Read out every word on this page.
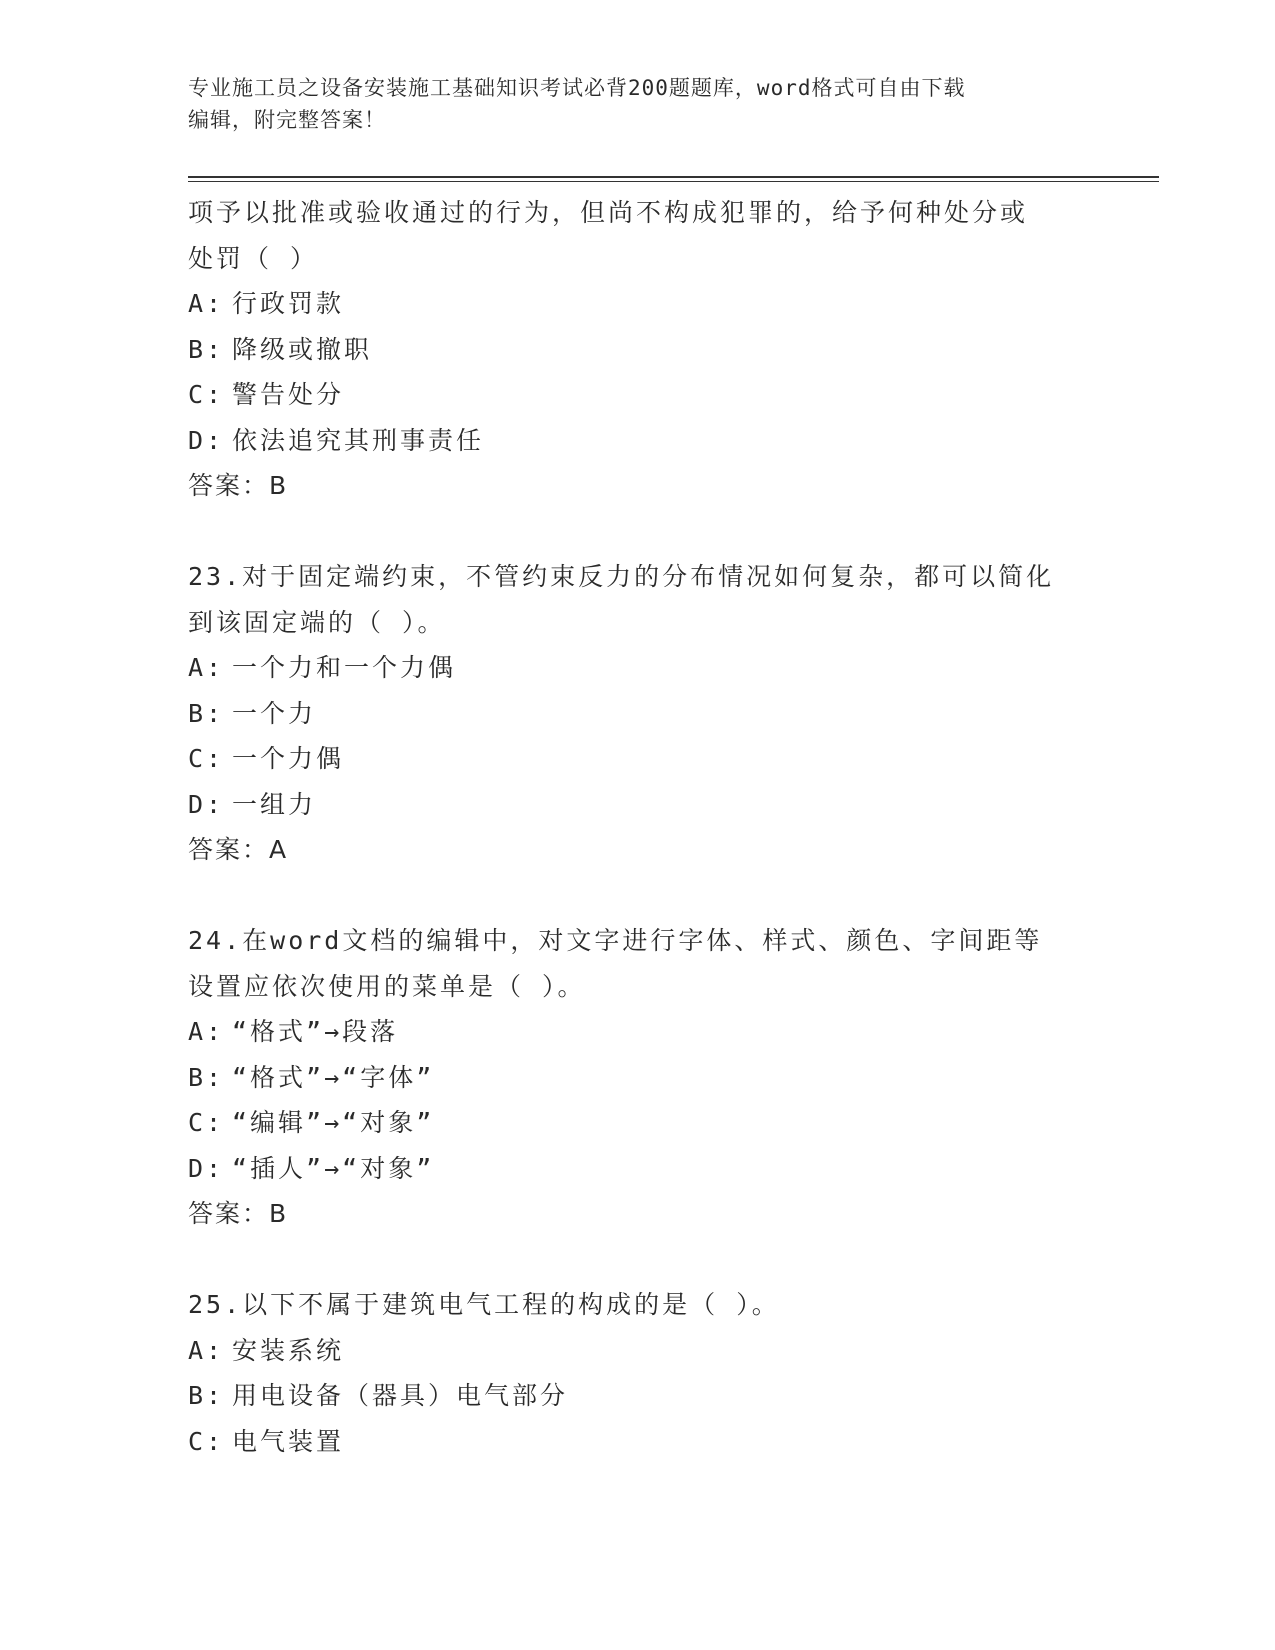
专业施工员之设备安装施工基础知识考试必背200题题库，word格式可自由下载
编辑，附完整答案！
项予以批准或验收通过的行为，但尚不构成犯罪的，给予何种处分或
处罚（ ）
A: 行政罚款
B: 降级或撤职
C: 警告处分
D: 依法追究其刑事责任
答案：B
23.对于固定端约束，不管约束反力的分布情况如何复杂，都可以简化
到该固定端的（ ）。
A: 一个力和一个力偶
B: 一个力
C: 一个力偶
D: 一组力
答案：A
24.在word文档的编辑中，对文字进行字体、样式、颜色、字间距等
设置应依次使用的菜单是（ ）。
A: “格式”→段落
B: “格式”→“字体”
C: “编辑”→“对象”
D: “插人”→“对象”
答案：B
25.以下不属于建筑电气工程的构成的是（ ）。
A: 安装系统
B: 用电设备（器具）电气部分
C: 电气装置
